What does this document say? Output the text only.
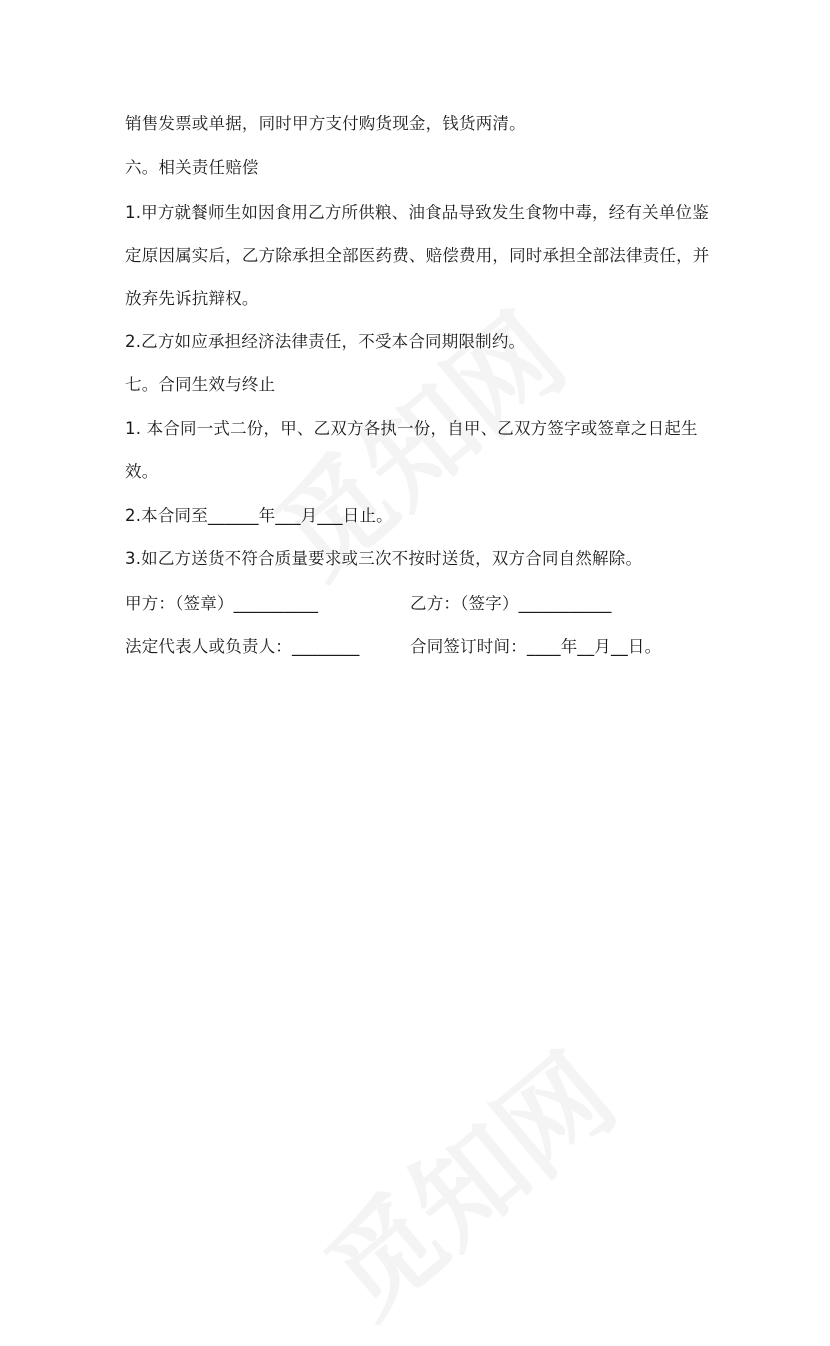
销售发票或单据，同时甲方支付购货现金，钱货两清。
六。相关责任赔偿
1.甲方就餐师生如因食用乙方所供粮、油食品导致发生食物中毒，经有关单位鉴
定原因属实后，乙方除承担全部医药费、赔偿费用，同时承担全部法律责任，并
放弃先诉抗辩权。
2.乙方如应承担经济法律责任，不受本合同期限制约。
七。合同生效与终止
1. 本合同一式二份，甲、乙双方各执一份，自甲、乙双方签字或签章之日起生
效。
2.本合同至______年___月___日止。
3.如乙方送货不符合质量要求或三次不按时送货，双方合同自然解除。
甲方：（签章）__________	乙方：（签字）___________
法定代表人或负责人：________	合同签订时间：____年__月__日。
